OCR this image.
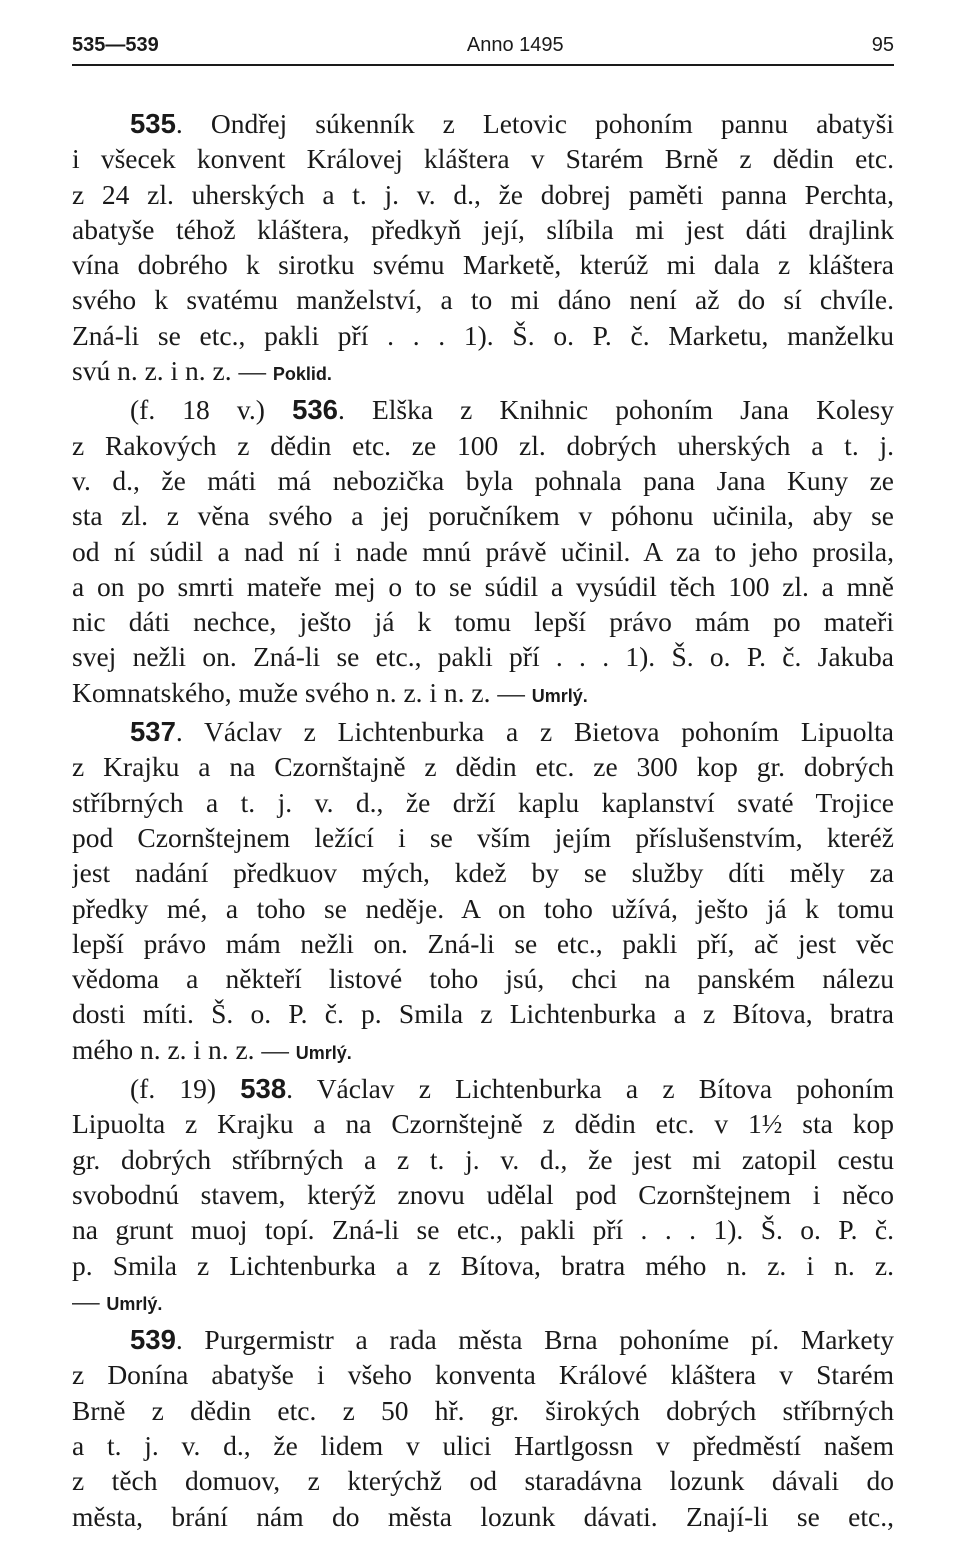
535—539	Anno 1495	95
535. Ondřej súkenník z Letovic pohoním pannu abatyši
i všecek konvent Královej kláštera v Starém Brně z dědin etc.
z 24 zl. uherských a t. j. v. d., že dobrej paměti panna Perchta,
abatyše téhož kláštera, předkyň její, slíbila mi jest dáti drajlink
vína dobrého k sirotku svému Marketě, kterúž mi dala z kláštera
svého k svatému manželství, a to mi dáno není až do sí chvíle.
Zná-li se etc., pakli pří . . . 1). Š. o. P. č. Marketu, manželku
svú n. z. i n. z. — Poklid.
(f. 18 v.) 536. Elška z Knihnic pohoním Jana Kolesy
z Rakových z dědin etc. ze 100 zl. dobrých uherských a t. j.
v. d., že máti má nebozička byla pohnala pana Jana Kuny ze
sta zl. z věna svého a jej poručníkem v póhonu učinila, aby se
od ní súdil a nad ní i nade mnú právě učinil. A za to jeho prosila,
a on po smrti mateře mej o to se súdil a vysúdil těch 100 zl. a mně
nic dáti nechce, ješto já k tomu lepší právo mám po mateři
svej nežli on. Zná-li se etc., pakli pří . . . 1). Š. o. P. č. Jakuba
Komnatského, muže svého n. z. i n. z. — Umrlý.
537. Václav z Lichtenburka a z Bietova pohoním Lipuolta
z Krajku a na Czornštajně z dědin etc. ze 300 kop gr. dobrých
stříbrných a t. j. v. d., že drží kaplu kaplanství svaté Trojice
pod Czornštejnem ležící i se vším jejím příslušenstvím, kteréž
jest nadání předkuov mých, kdež by se služby díti měly za
předky mé, a toho se neděje. A on toho užívá, ješto já k tomu
lepší právo mám nežli on. Zná-li se etc., pakli pří, ač jest věc
vědoma a někteří listové toho jsú, chci na panském nálezu
dosti míti. Š. o. P. č. p. Smila z Lichtenburka a z Bítova, bratra
mého n. z. i n. z. — Umrlý.
(f. 19) 538. Václav z Lichtenburka a z Bítova pohoním
Lipuolta z Krajku a na Czornštejně z dědin etc. v 1½ sta kop
gr. dobrých stříbrných a z t. j. v. d., že jest mi zatopil cestu
svobodnú stavem, kterýž znovu udělal pod Czornštejnem i něco
na grunt muoj topí. Zná-li se etc., pakli pří . . . 1). Š. o. P. č.
p. Smila z Lichtenburka a z Bítova, bratra mého n. z. i n. z.
— Umrlý.
539. Purgermistr a rada města Brna pohoníme pí. Markety
z Donína abatyše i všeho konventa Králové kláštera v Starém
Brně z dědin etc. z 50 hř. gr. širokých dobrých stříbrných
a t. j. v. d., že lidem v ulici Hartlgossn v předměstí našem
z těch domuov, z kterýchž od staradávna lozunk dávali do
města, brání nám do města lozunk dávati. Znají-li se etc.,
